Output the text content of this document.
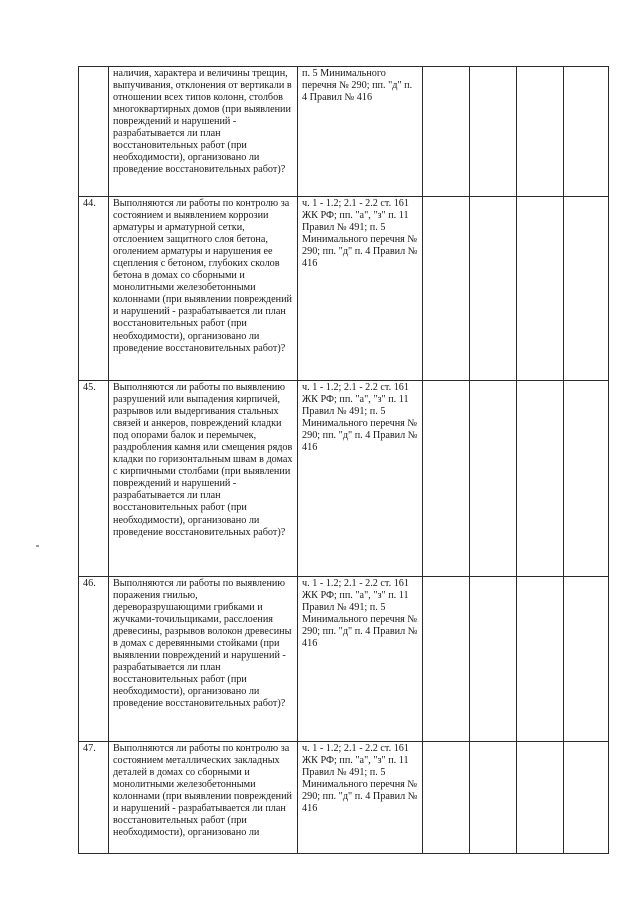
	наличия, характера и величины трещин, выпучивания, отклонения от вертикали в отношении всех типов колонн, столбов многоквартирных домов (при выявлении повреждений и нарушений - разрабатывается ли план восстановительных работ (при необходимости), организовано ли проведение восстановительных работ)?	п. 5 Минимального перечня № 290; пп. "д" п. 4 Правил № 416				
44.	Выполняются ли работы по контролю за состоянием и выявлением коррозии арматуры и арматурной сетки, отслоением защитного слоя бетона, оголением арматуры и нарушения ее сцепления с бетоном, глубоких сколов бетона в домах со сборными и монолитными железобетонными колоннами (при выявлении повреждений и нарушений - разрабатывается ли план восстановительных работ (при необходимости), организовано ли проведение восстановительных работ)?	ч. 1 - 1.2; 2.1 - 2.2 ст. 161 ЖК РФ; пп. "а", "з" п. 11 Правил № 491; п. 5 Минимального перечня № 290; пп. "д" п. 4 Правил № 416				
45.	Выполняются ли работы по выявлению разрушений или выпадения кирпичей, разрывов или выдергивания стальных связей и анкеров, повреждений кладки под опорами балок и перемычек, раздробления камня или смещения рядов кладки по горизонтальным швам в домах с кирпичными столбами (при выявлении повреждений и нарушений - разрабатывается ли план восстановительных работ (при необходимости), организовано ли проведение восстановительных работ)?	ч. 1 - 1.2; 2.1 - 2.2 ст. 161 ЖК РФ; пп. "а", "з" п. 11 Правил № 491; п. 5 Минимального перечня № 290; пп. "д" п. 4 Правил № 416				
46.	Выполняются ли работы по выявлению поражения гнилью, дереворазрушающими грибками и жучками-точильщиками, расслоения древесины, разрывов волокон древесины в домах с деревянными стойками (при выявлении повреждений и нарушений - разрабатывается ли план восстановительных работ (при необходимости), организовано ли проведение восстановительных работ)?	ч. 1 - 1.2; 2.1 - 2.2 ст. 161 ЖК РФ; пп. "а", "з" п. 11 Правил № 491; п. 5 Минимального перечня № 290; пп. "д" п. 4 Правил № 416				
47.	Выполняются ли работы по контролю за состоянием металлических закладных деталей в домах со сборными и монолитными железобетонными колоннами (при выявлении повреждений и нарушений - разрабатывается ли план восстановительных работ (при необходимости), организовано ли	ч. 1 - 1.2; 2.1 - 2.2 ст. 161 ЖК РФ; пп. "а", "з" п. 11 Правил № 491; п. 5 Минимального перечня № 290; пп. "д" п. 4 Правил № 416				
